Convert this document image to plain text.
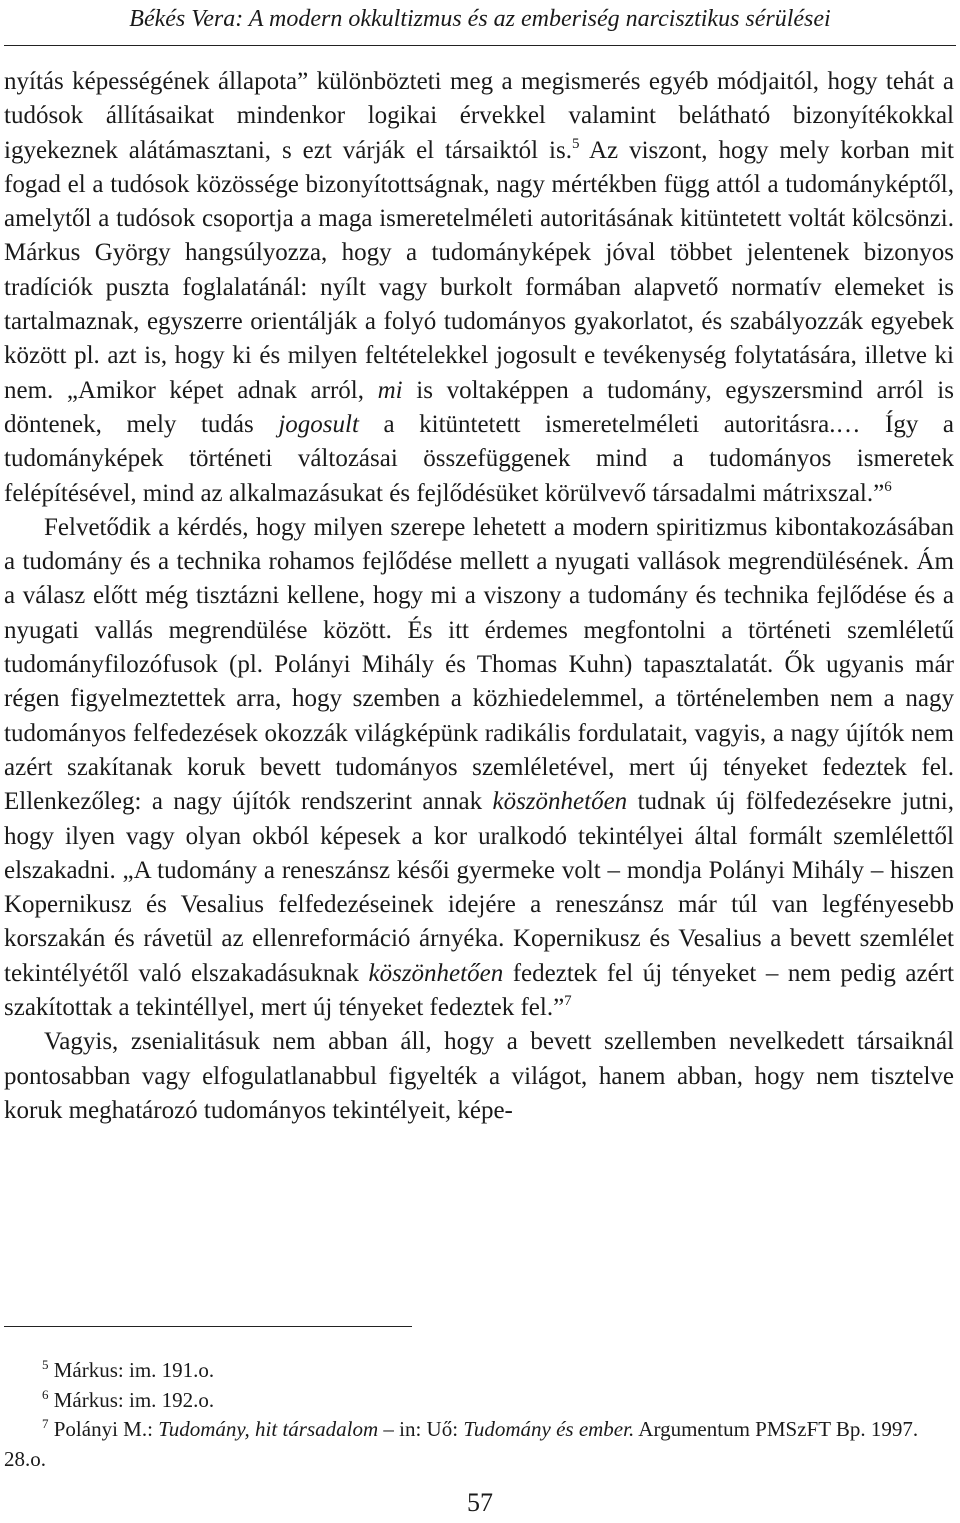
Békés Vera: A modern okkultizmus és az emberiség narcisztikus sérülései

nyítás képességének állapota” különbözteti meg a megismerés egyéb módjaitól, hogy tehát a tudósok állításaikat mindenkor logikai érvekkel valamint belátható bizonyítékokkal igyekeznek alátámasztani, s ezt várják el társaiktól is.$^5$ Az viszont, hogy mely korban mit fogad el a tudósok közössége bizonyítottságnak, nagy mértékben függ attól a tudományképtől, amelytől a tudósok csoportja a maga ismeretelméleti autoritásának kitüntetett voltát kölcsönzi. Márkus György hangsúlyozza, hogy a tudományképek jóval többet jelentenek bizonyos tradíciók puszta foglalatánál: nyílt vagy burkolt formában alapvető normatív elemeket is tartalmaznak, egyszerre orientálják a folyó tudományos gyakorlatot, és szabályozzák egyebek között pl. azt is, hogy ki és milyen feltételekkel jogosult e tevékenység folytatására, illetve ki nem. „Amikor képet adnak arról, mi is voltaképpen a tudomány, egyszersmind arról is döntenek, mely tudás jogosult a kitüntetett ismeretelméleti autoritásra.… Így a tudományképek történeti változásai összefüggenek mind a tudományos ismeretek felépítésével, mind az alkalmazásukat és fejlődésüket körülvevő társadalmi mátrixszal.”$^6$

Felvetődik a kérdés, hogy milyen szerepe lehetett a modern spiritizmus kibontakozásában a tudomány és a technika rohamos fejlődése mellett a nyugati vallások megrendülésének. Ám a válasz előtt még tisztázni kellene, hogy mi a viszony a tudomány és technika fejlődése és a nyugati vallás megrendülése között. És itt érdemes megfontolni a történeti szemléletű tudományfilozófusok (pl. Polányi Mihály és Thomas Kuhn) tapasztalatát. Ők ugyanis már régen figyelmeztettek arra, hogy szemben a közhiedelemmel, a történelemben nem a nagy tudományos felfedezések okozzák világképünk radikális fordulatait, vagyis, a nagy újítók nem azért szakítanak koruk bevett tudományos szemléletével, mert új tényeket fedeztek fel. Ellenkezőleg: a nagy újítók rendszerint annak köszönhetően tudnak új fölfedezésekre jutni, hogy ilyen vagy olyan okból képesek a kor uralkodó tekintélyei által formált szemlélettől elszakadni. „A tudomány a reneszánsz késői gyermeke volt – mondja Polányi Mihály – hiszen Kopernikusz és Vesalius felfedezéseinek idejére a reneszánsz már túl van legfényesebb korszakán és rávetül az ellenreformáció árnyéka. Kopernikusz és Vesalius a bevett szemlélet tekintélyétől való elszakadásuknak köszönhetően fedeztek fel új tényeket – nem pedig azért szakítottak a tekintéllyel, mert új tényeket fedeztek fel.”$^7$

Vagyis, zsenialitásuk nem abban áll, hogy a bevett szellemben nevelkedett társaiknál pontosabban vagy elfogulatlanabbul figyelték a világot, hanem abban, hogy nem tisztelve koruk meghatározó tudományos tekintélyeit, képe-

$^5$ Márkus: im. 191.o.

$^6$ Márkus: im. 192.o.

$^7$ Polányi M.: Tudomány, hit társadalom – in: Uő: Tudomány és ember. Argumentum PMSzFT Bp. 1997. 28.o.

57
